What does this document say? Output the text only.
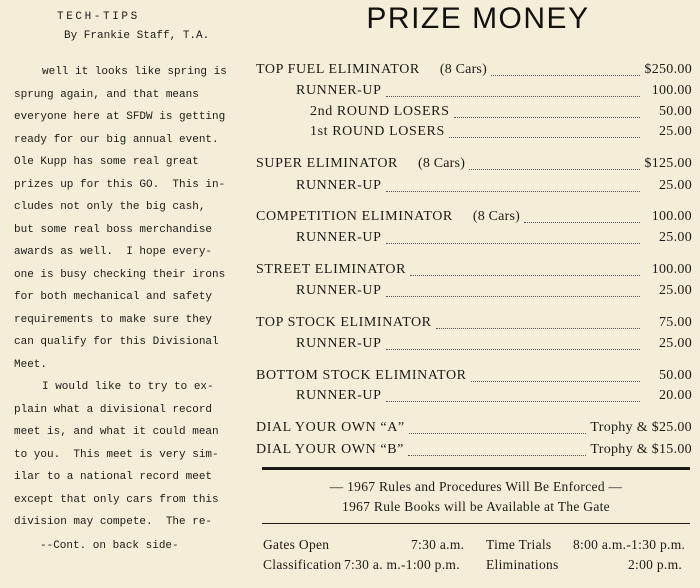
TECH-TIPS
By Frankie Staff, T.A.
well it looks like spring is
sprung again, and that means
everyone here at SFDW is getting
ready for our big annual event.
Ole Kupp has some real great
prizes up for this GO.  This in-
cludes not only the big cash,
but some real boss merchandise
awards as well.  I hope every-
one is busy checking their irons
for both mechanical and safety
requirements to make sure they
can qualify for this Divisional
Meet.
I would like to try to ex-
plain what a divisional record
meet is, and what it could mean
to you.  This meet is very sim-
ilar to a national record meet
except that only cars from this
division may compete.  The re-
--Cont. on back side-
PRIZE MONEY
TOP FUEL ELIMINATOR (8 Cars)	$250.00
RUNNER-UP	100.00
2nd ROUND LOSERS	50.00
1st ROUND LOSERS	25.00
SUPER ELIMINATOR (8 Cars)	$125.00
RUNNER-UP	25.00
COMPETITION ELIMINATOR (8 Cars)	100.00
RUNNER-UP	25.00
STREET ELIMINATOR	100.00
RUNNER-UP	25.00
TOP STOCK ELIMINATOR	75.00
RUNNER-UP	25.00
BOTTOM STOCK ELIMINATOR	50.00
RUNNER-UP	20.00
DIAL YOUR OWN “A”	Trophy & $25.00
DIAL YOUR OWN “B”	Trophy & $15.00
— 1967 Rules and Procedures Will Be Enforced —
1967 Rule Books will be Available at The Gate
Gates Open	7:30 a.m. Time Trials 8:00 a.m.-1:30 p.m.
Classification 7:30 a. m.-1:00 p.m. Eliminations	2:00 p.m.
